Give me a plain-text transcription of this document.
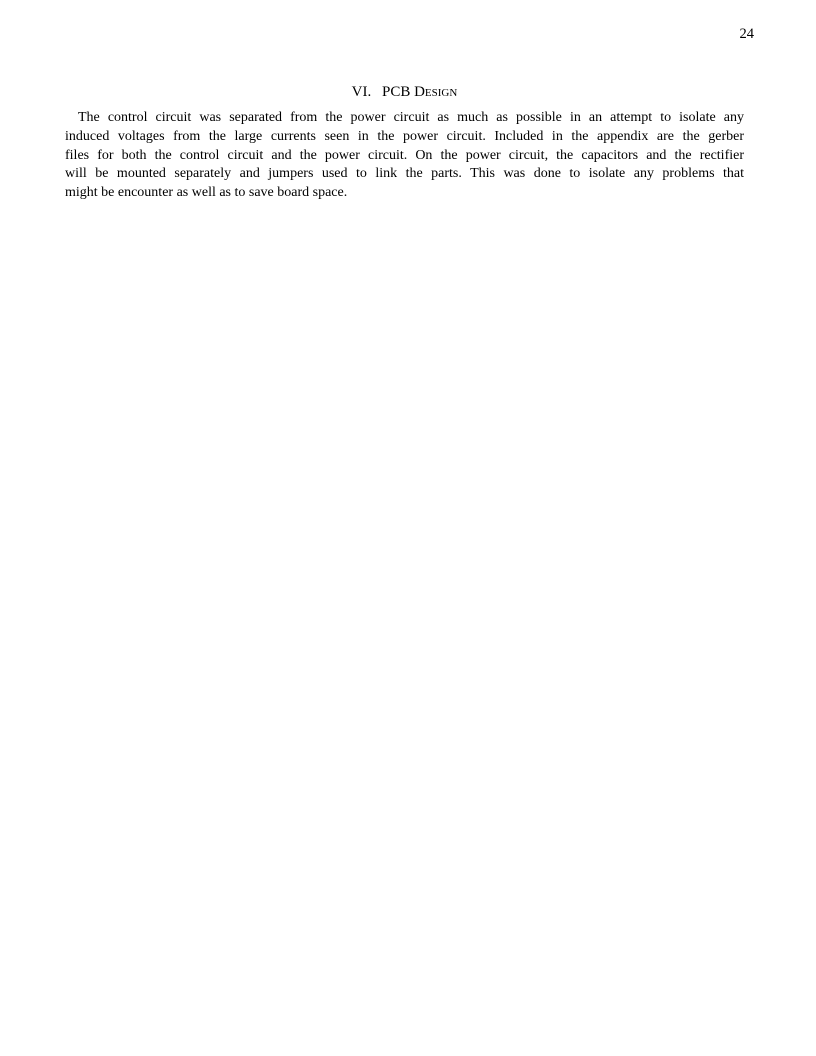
24
VI. PCB Design
The control circuit was separated from the power circuit as much as possible in an attempt to isolate any
induced voltages from the large currents seen in the power circuit. Included in the appendix are the gerber
files for both the control circuit and the power circuit. On the power circuit, the capacitors and the rectifier
will be mounted separately and jumpers used to link the parts. This was done to isolate any problems that
might be encounter as well as to save board space.
